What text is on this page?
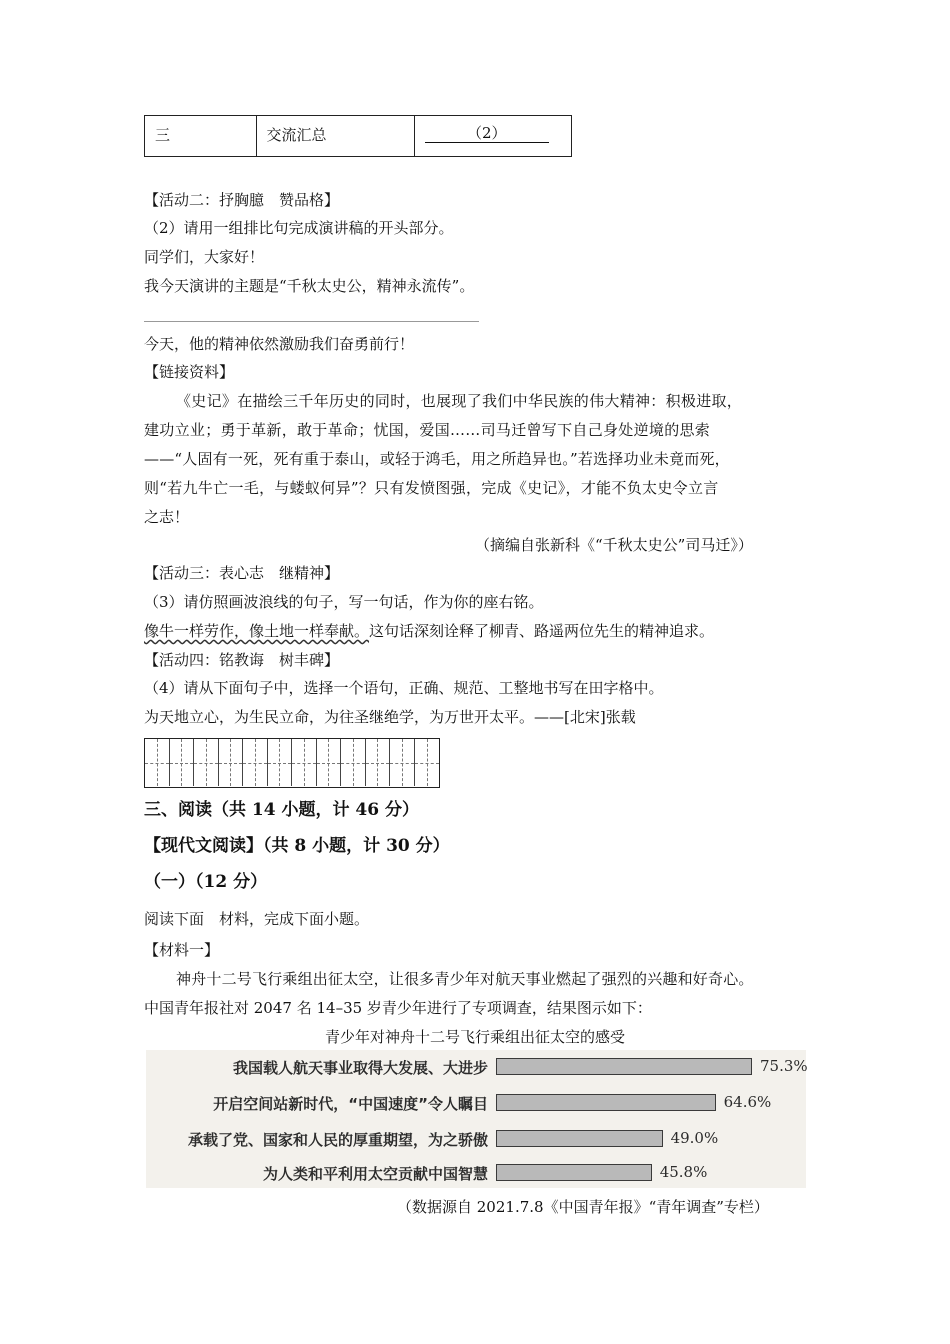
三	交流汇总	（2）
【活动二：抒胸臆　赞品格】
（2）请用一组排比句完成演讲稿的开头部分。
同学们，大家好！
我今天演讲的主题是“千秋太史公，精神永流传”。
今天，他的精神依然激励我们奋勇前行！
【链接资料】
《史记》在描绘三千年历史的同时，也展现了我们中华民族的伟大精神：积极进取，
建功立业；勇于革新，敢于革命；忧国，爱国……司马迁曾写下自己身处逆境的思索
——“人固有一死，死有重于泰山，或轻于鸿毛，用之所趋异也。”若选择功业未竟而死，
则“若九牛亡一毛，与蝼蚁何异”？只有发愤图强，完成《史记》，才能不负太史令立言
之志！
（摘编自张新科《“千秋太史公”司马迁》）
【活动三：表心志　继精神】
（3）请仿照画波浪线的句子，写一句话，作为你的座右铭。
像牛一样劳作，像土地一样奉献。这句话深刻诠释了柳青、路遥两位先生的精神追求。
【活动四：铭教诲　树丰碑】
（4）请从下面句子中，选择一个语句，正确、规范、工整地书写在田字格中。
为天地立心，为生民立命，为往圣继绝学，为万世开太平。——[北宋]张载
三、阅读（共 14 小题，计 46 分）
【现代文阅读】（共 8 小题，计 30 分）
（一）（12 分）
阅读下面　材料，完成下面小题。
【材料一】
神舟十二号飞行乘组出征太空，让很多青少年对航天事业燃起了强烈的兴趣和好奇心。
中国青年报社对 2047 名 14–35 岁青少年进行了专项调查，结果图示如下：
青少年对神舟十二号飞行乘组出征太空的感受
我国载人航天事业取得大发展、大进步	75.3%
开启空间站新时代，“中国速度”令人瞩目	64.6%
承载了党、国家和人民的厚重期望，为之骄傲	49.0%
为人类和平利用太空贡献中国智慧	45.8%
（数据源自 2021.7.8《中国青年报》“青年调查”专栏）
